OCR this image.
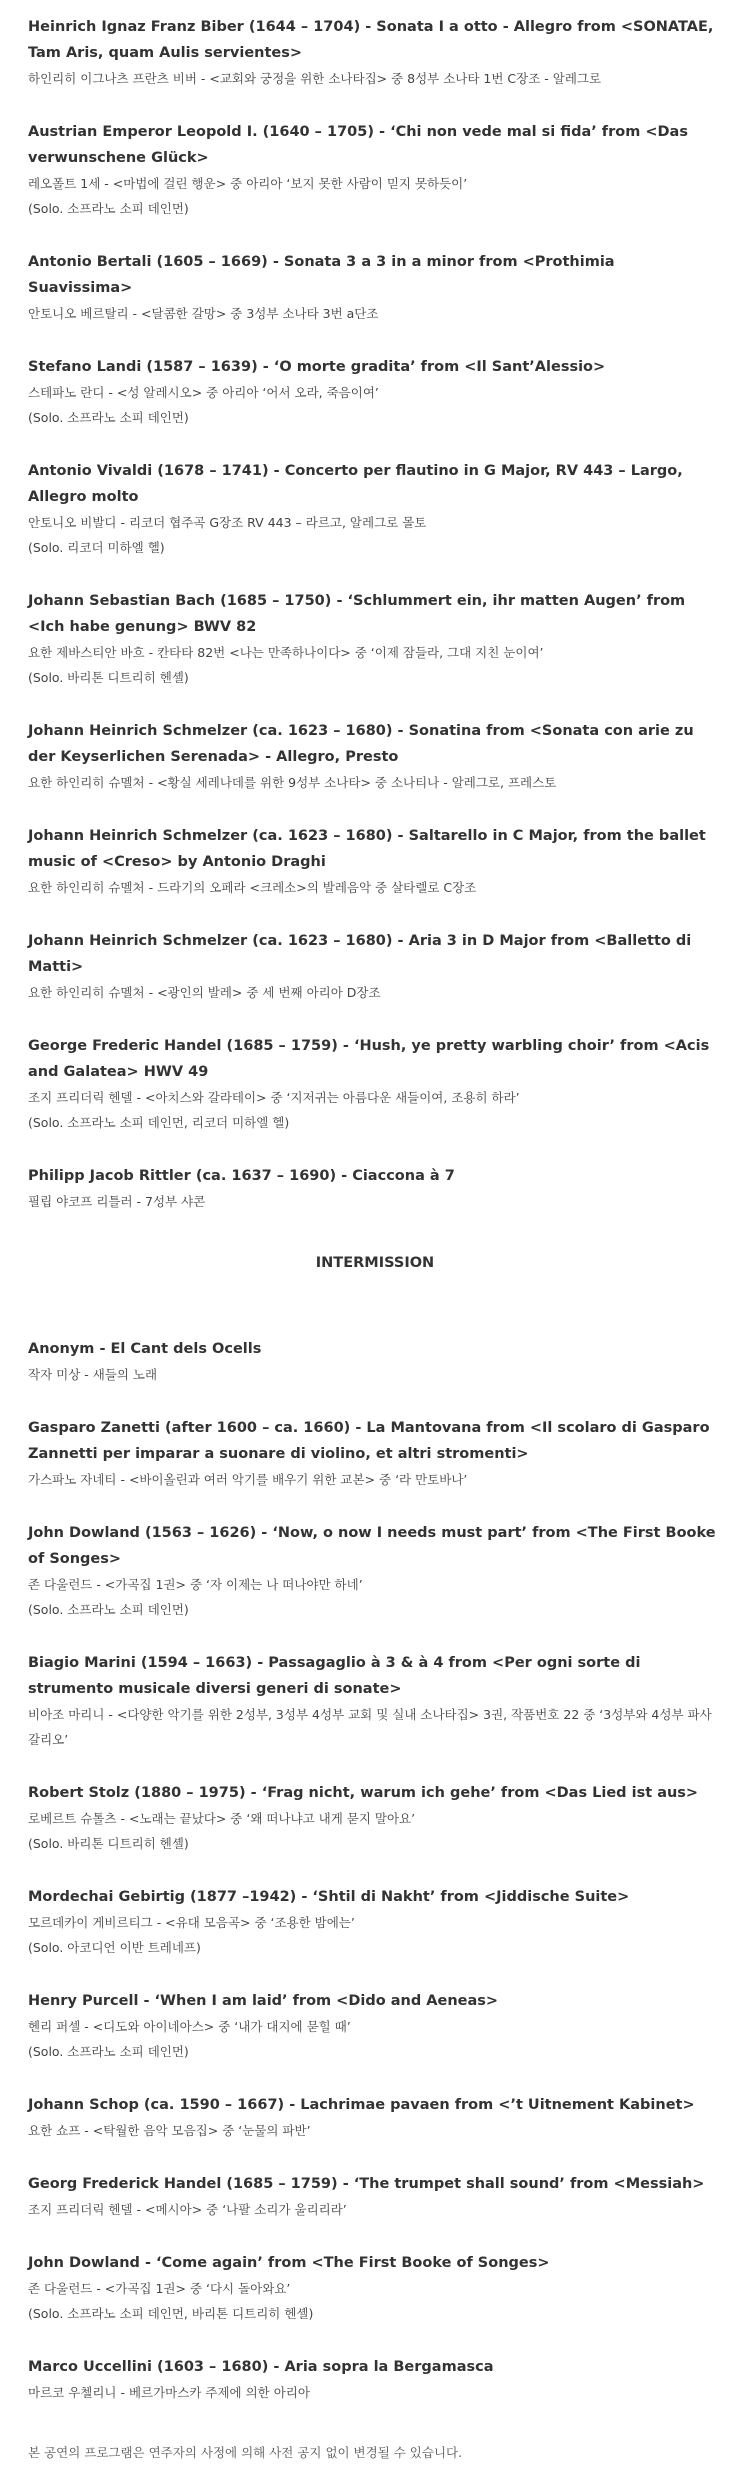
Heinrich Ignaz Franz Biber (1644 – 1704) - Sonata I a otto - Allegro from <SONATAE, Tam Aris, quam Aulis servientes>
하인리히 이그나츠 프란츠 비버 - <교회와 궁정을 위한 소나타집> 중 8성부 소나타 1번 C장조 - 알레그로
Austrian Emperor Leopold I. (1640 – 1705) - ‘Chi non vede mal si fida’ from <Das verwunschene Glück>
레오폴트 1세 - <마법에 걸린 행운> 중 아리아 ‘보지 못한 사람이 믿지 못하듯이’
(Solo. 소프라노 소피 데인먼)
Antonio Bertali (1605 – 1669) - Sonata 3 a 3 in a minor from <Prothimia Suavissima>
안토니오 베르탈리 - <달콤한 갈망> 중 3성부 소나타 3번 a단조
Stefano Landi (1587 – 1639) - ‘O morte gradita’ from <Il Sant’Alessio>
스테파노 란디 - <성 알레시오> 중 아리아 ‘어서 오라, 죽음이여’
(Solo. 소프라노 소피 데인먼)
Antonio Vivaldi (1678 – 1741) - Concerto per flautino in G Major, RV 443 – Largo, Allegro molto
안토니오 비발디 - 리코더 협주곡 G장조 RV 443 – 라르고, 알레그로 몰토
(Solo. 리코더 미하엘 헬)
Johann Sebastian Bach (1685 – 1750) - ‘Schlummert ein, ihr matten Augen’ from <Ich habe genung> BWV 82
요한 제바스티안 바흐 - 칸타타 82번 <나는 만족하나이다> 중 ‘이제 잠들라, 그대 지친 눈이여’
(Solo. 바리톤 디트리히 헨셸)
Johann Heinrich Schmelzer (ca. 1623 – 1680) - Sonatina from <Sonata con arie zu der Keyserlichen Serenada> - Allegro, Presto
요한 하인리히 슈멜처 - <황실 세레나데를 위한 9성부 소나타> 중 소나티나 - 알레그로, 프레스토
Johann Heinrich Schmelzer (ca. 1623 – 1680) - Saltarello in C Major, from the ballet music of <Creso> by Antonio Draghi
요한 하인리히 슈멜처 - 드라기의 오페라 <크레소>의 발레음악 중 살타렐로 C장조
Johann Heinrich Schmelzer (ca. 1623 – 1680) - Aria 3 in D Major from <Balletto di Matti>
요한 하인리히 슈멜처 - <광인의 발레> 중 세 번째 아리아 D장조
George Frederic Handel (1685 – 1759) - ‘Hush, ye pretty warbling choir’ from <Acis and Galatea> HWV 49
조지 프리더릭 헨델 - <아치스와 갈라테이> 중 ‘지저귀는 아름다운 새들이여, 조용히 하라’
(Solo. 소프라노 소피 데인먼, 리코더 미하엘 헬)
Philipp Jacob Rittler (ca. 1637 – 1690) - Ciaccona à 7
필립 야코프 리틀러 - 7성부 샤콘
INTERMISSION
Anonym - El Cant dels Ocells
작자 미상 - 새들의 노래
Gasparo Zanetti (after 1600 – ca. 1660) - La Mantovana from <Il scolaro di Gasparo Zannetti per imparar a suonare di violino, et altri stromenti>
가스파노 자네티 - <바이올린과 여러 악기를 배우기 위한 교본> 중 ‘라 만토바나’
John Dowland (1563 – 1626) - ‘Now, o now I needs must part’ from <The First Booke of Songes>
존 다울런드 - <가곡집 1권> 중 ‘자 이제는 나 떠나야만 하네’
(Solo. 소프라노 소피 데인먼)
Biagio Marini (1594 – 1663) - Passagaglio à 3 & à 4 from <Per ogni sorte di strumento musicale diversi generi di sonate>
비아조 마리니 - <다양한 악기를 위한 2성부, 3성부 4성부 교회 및 실내 소나타집> 3권, 작품번호 22 중 ‘3성부와 4성부 파사갈리오’
Robert Stolz (1880 – 1975) - ‘Frag nicht, warum ich gehe’ from <Das Lied ist aus>
로베르트 슈톨츠 - <노래는 끝났다> 중 ‘왜 떠나냐고 내게 묻지 말아요’
(Solo. 바리톤 디트리히 헨셸)
Mordechai Gebirtig (1877 –1942) - ‘Shtil di Nakht’ from <Jiddische Suite>
모르데카이 게비르티그 - <유대 모음곡> 중 ‘조용한 밤에는’
(Solo. 아코디언 이반 트레네프)
Henry Purcell - ‘When I am laid’ from <Dido and Aeneas>
헨리 퍼셀 - <디도와 아이네아스> 중 ‘내가 대지에 묻힐 때’
(Solo. 소프라노 소피 데인먼)
Johann Schop (ca. 1590 – 1667) - Lachrimae pavaen from <’t Uitnement Kabinet>
요한 쇼프 - <탁월한 음악 모음집> 중 ‘눈물의 파반’
Georg Frederick Handel (1685 – 1759) - ‘The trumpet shall sound’ from <Messiah>
조지 프리더릭 헨델 - <메시아> 중 ‘나팔 소리가 울리리라’
John Dowland - ‘Come again’ from <The First Booke of Songes>
존 다울런드 - <가곡집 1권> 중 ‘다시 돌아와요’
(Solo. 소프라노 소피 데인먼, 바리톤 디트리히 헨셸)
Marco Uccellini (1603 – 1680) - Aria sopra la Bergamasca
마르코 우첼리니 - 베르가마스카 주제에 의한 아리아
본 공연의 프로그램은 연주자의 사정에 의해 사전 공지 없이 변경될 수 있습니다.
